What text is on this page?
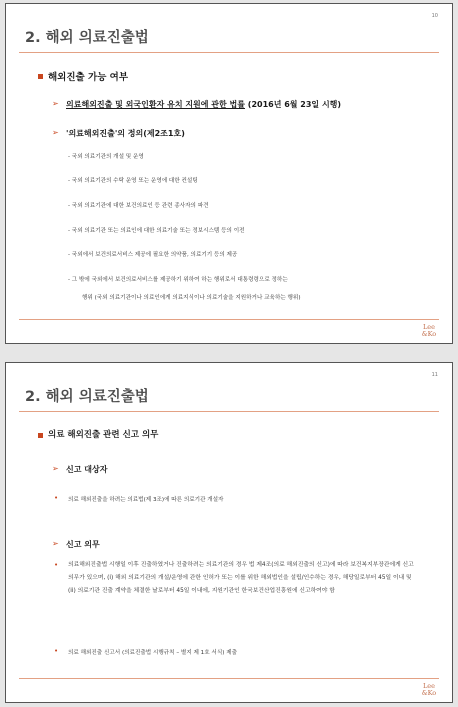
10
2. 해외 의료진출법
해외진출 가능 여부
➢ 의료해외진출 및 외국인환자 유치 지원에 관한 법률 (2016년 6월 23일 시행)
➢ '의료해외진출'의 정의(제2조1호)
- 국외 의료기관의 개설 및 운영
- 국외 의료기관의 수탁 운영 또는 운영에 대한 컨설팅
- 국외 의료기관에 대한 보건의료인 등 관련 종사자의 파견
- 국외 의료기관 또는 의료인에 대한 의료기술 또는 정보시스템 등의 이전
- 국외에서 보건의료서비스 제공에 필요한 의약품, 의료기기 등의 제공
- 그 밖에 국외에서 보건의료서비스를 제공하기 위하여 하는 행위로서 대통령령으로 정하는
행위 (국외 의료기관이나 의료인에게 의료지식이나 의료기술을 지원하거나 교육하는 행위)
Lee
&Ko
11
2. 해외 의료진출법
의료 해외진출 관련 신고 의무
➢ 신고 대상자
• 의료 해외진출을 하려는 의료법(제 3조)에 따른 의료기관 개설자
➢ 신고 의무
• 의료해외진출법 시행일 이후 진출하였거나 진출하려는 의료기관의 경우 법 제4조(의료 해외진출의 신고)에 따라 보건복지부장관에게 신고 의무가 있으며, (i) 해외 의료기관의 개설/운영에 관한 인허가 또는 이를 위한 해외법인을 설립/인수하는 경우, 해당일로부터 45일 이내 및 (ii) 의료기관 진출 계약을 체결한 날로부터 45일 이내에, 지원기관인 한국보건산업진흥원에 신고하여야 함
• 의료 해외진출 신고서 (의료진출법 시행규칙 – 별지 제 1호 서식) 제출
Lee
&Ko
